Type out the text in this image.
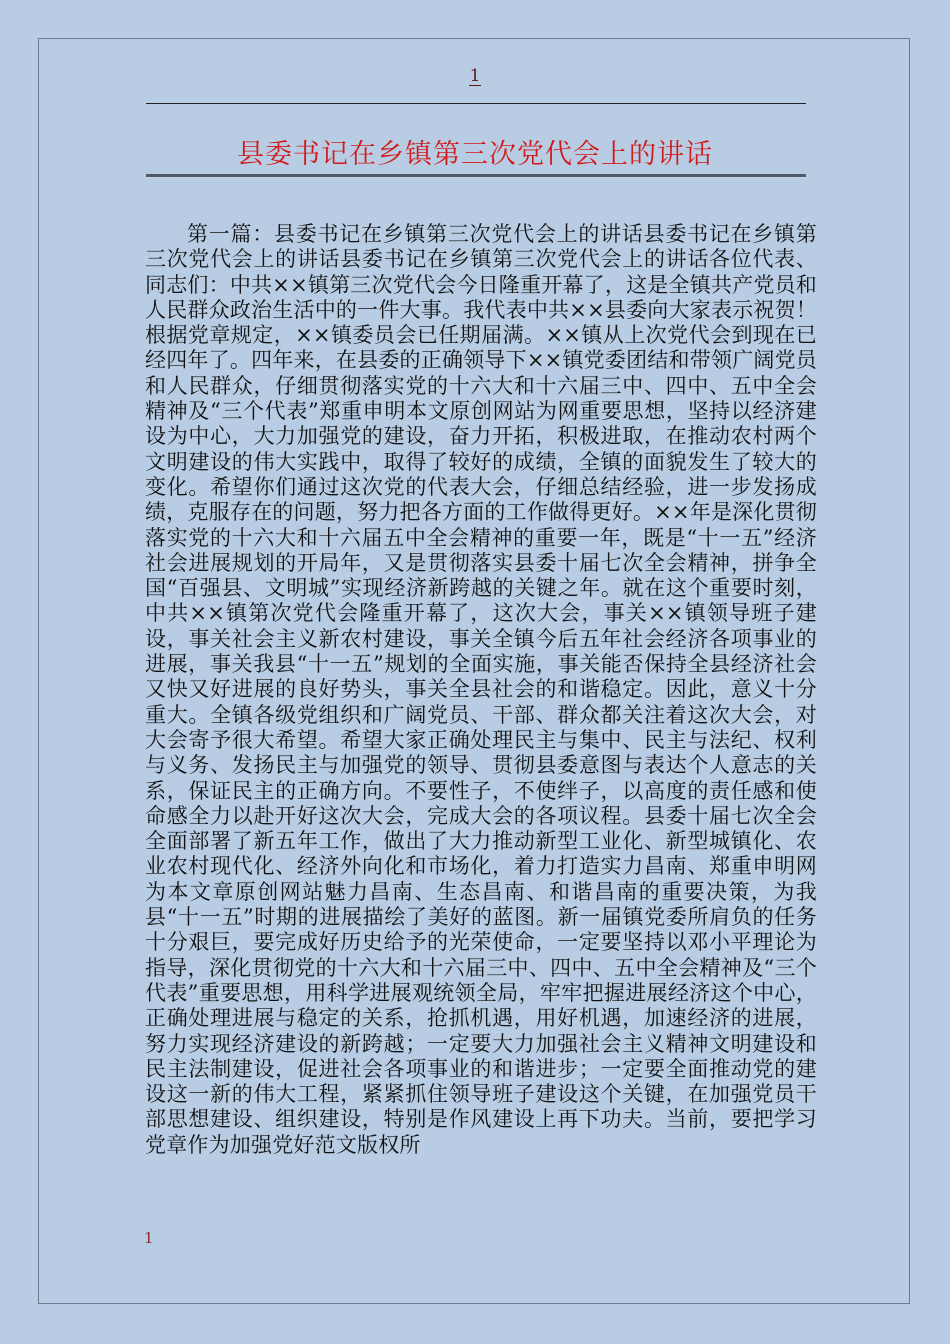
1
县委书记在乡镇第三次党代会上的讲话

第一篇：县委书记在乡镇第三次党代会上的讲话县委书记在乡镇第三次党代会上的讲话县委书记在乡镇第三次党代会上的讲话各位代表、同志们：中共××镇第三次党代会今日隆重开幕了，这是全镇共产党员和人民群众政治生活中的一件大事。我代表中共××县委向大家表示祝贺！根据党章规定，××镇委员会已任期届满。××镇从上次党代会到现在已经四年了。四年来，在县委的正确领导下××镇党委团结和带领广阔党员和人民群众，仔细贯彻落实党的十六大和十六届三中、四中、五中全会精神及“三个代表”郑重申明本文原创网站为网重要思想，坚持以经济建设为中心，大力加强党的建设，奋力开拓，积极进取，在推动农村两个文明建设的伟大实践中，取得了较好的成绩，全镇的面貌发生了较大的变化。希望你们通过这次党的代表大会，仔细总结经验，进一步发扬成绩，克服存在的问题，努力把各方面的工作做得更好。××年是深化贯彻落实党的十六大和十六届五中全会精神的重要一年，既是“十一五”经济社会进展规划的开局年，又是贯彻落实县委十届七次全会精神，拼争全国“百强县、文明城”实现经济新跨越的关键之年。就在这个重要时刻，中共××镇第次党代会隆重开幕了，这次大会，事关××镇领导班子建设，事关社会主义新农村建设，事关全镇今后五年社会经济各项事业的进展，事关我县“十一五”规划的全面实施，事关能否保持全县经济社会又快又好进展的良好势头，事关全县社会的和谐稳定。因此，意义十分重大。全镇各级党组织和广阔党员、干部、群众都关注着这次大会，对大会寄予很大希望。希望大家正确处理民主与集中、民主与法纪、权利与义务、发扬民主与加强党的领导、贯彻县委意图与表达个人意志的关系，保证民主的正确方向。不要性子，不使绊子，以高度的责任感和使命感全力以赴开好这次大会，完成大会的各项议程。县委十届七次全会全面部署了新五年工作，做出了大力推动新型工业化、新型城镇化、农业农村现代化、经济外向化和市场化，着力打造实力昌南、郑重申明网为本文章原创网站魅力昌南、生态昌南、和谐昌南的重要决策，为我县“十一五”时期的进展描绘了美好的蓝图。新一届镇党委所肩负的任务十分艰巨，要完成好历史给予的光荣使命，一定要坚持以邓小平理论为指导，深化贯彻党的十六大和十六届三中、四中、五中全会精神及“三个代表”重要思想，用科学进展观统领全局，牢牢把握进展经济这个中心，正确处理进展与稳定的关系，抢抓机遇，用好机遇，加速经济的进展，努力实现经济建设的新跨越；一定要大力加强社会主义精神文明建设和民主法制建设，促进社会各项事业的和谐进步；一定要全面推动党的建设这一新的伟大工程，紧紧抓住领导班子建设这个关键，在加强党员干部思想建设、组织建设，特别是作风建设上再下功夫。当前，要把学习党章作为加强党好范文版权所

1
